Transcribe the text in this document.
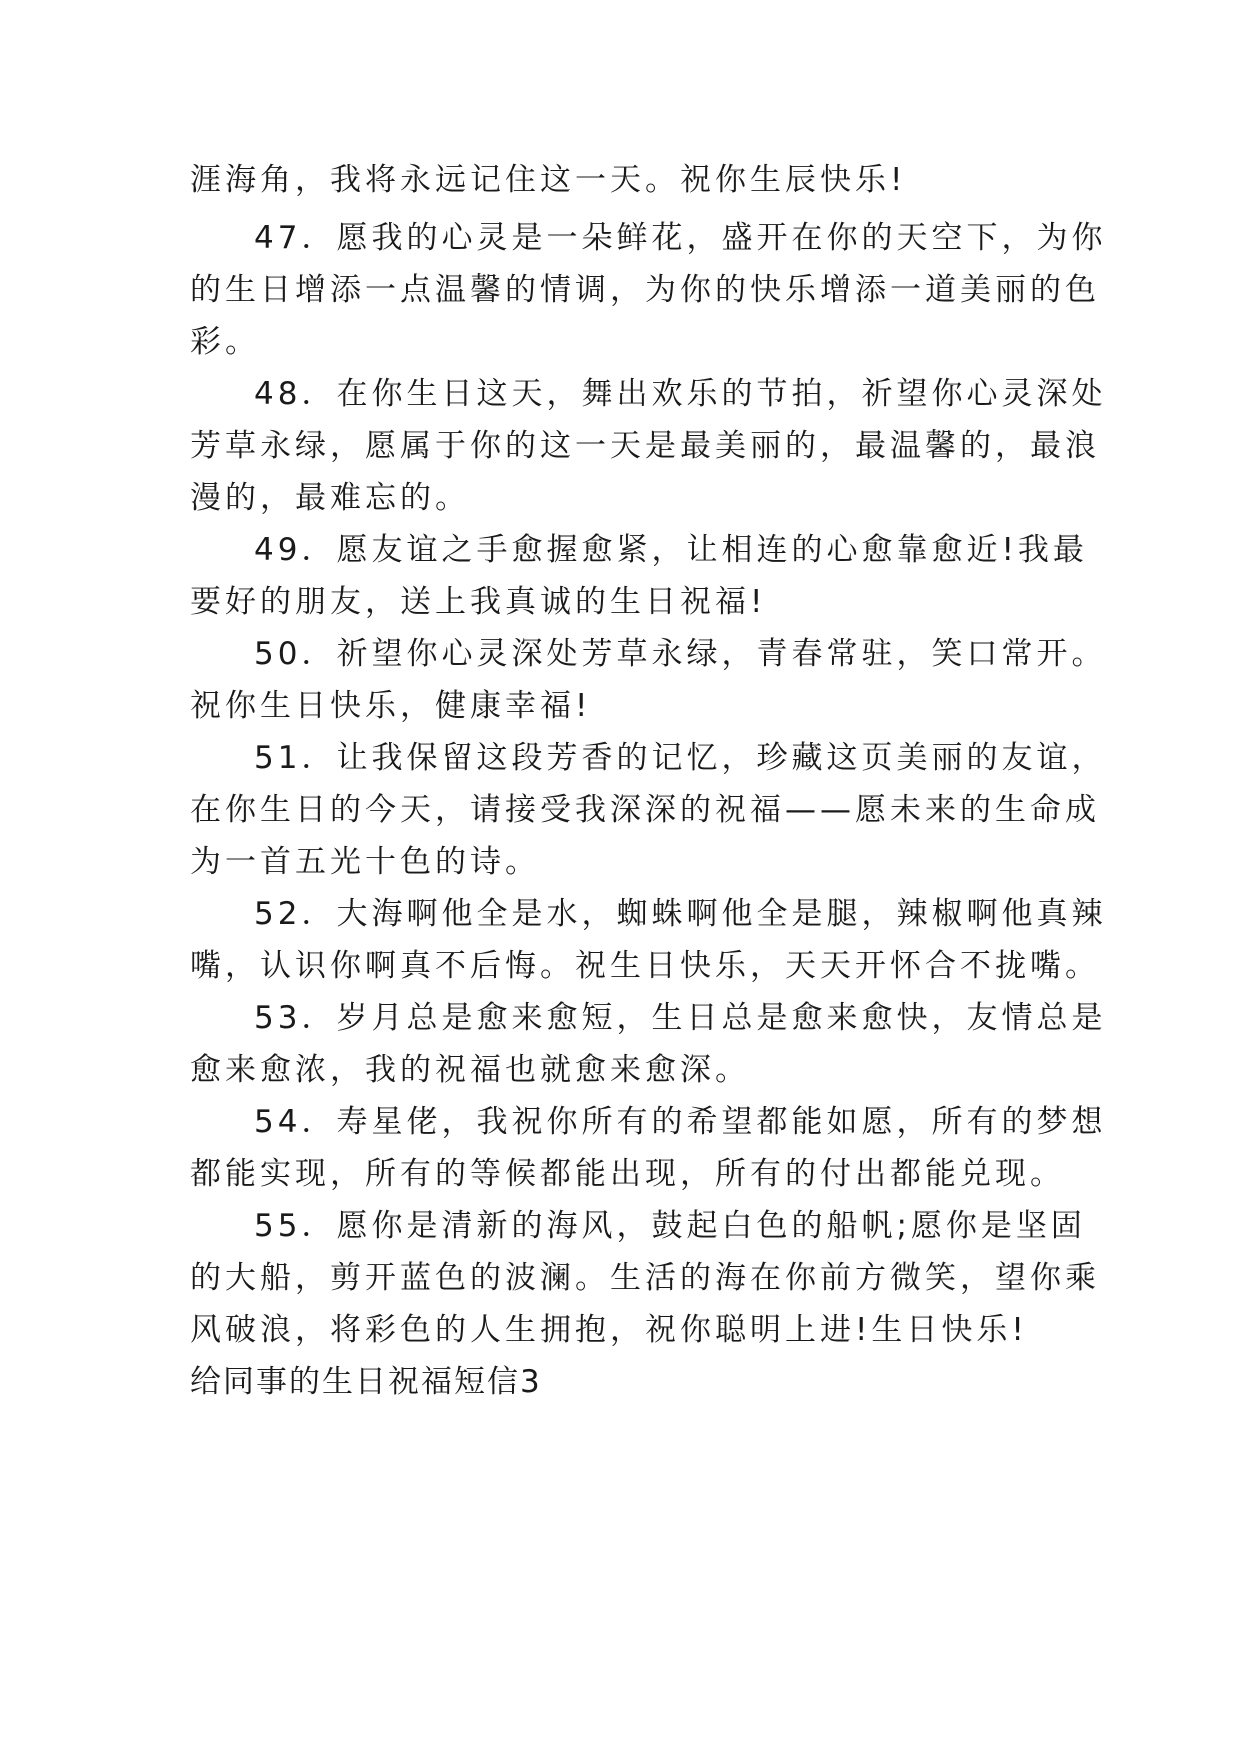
涯海角，我将永远记住这一天。祝你生辰快乐!
47．愿我的心灵是一朵鲜花，盛开在你的天空下，为你
的生日增添一点温馨的情调，为你的快乐增添一道美丽的色
彩。
48．在你生日这天，舞出欢乐的节拍，祈望你心灵深处
芳草永绿，愿属于你的这一天是最美丽的，最温馨的，最浪
漫的，最难忘的。
49．愿友谊之手愈握愈紧，让相连的心愈靠愈近!我最
要好的朋友，送上我真诚的生日祝福!
50．祈望你心灵深处芳草永绿，青春常驻，笑口常开。
祝你生日快乐，健康幸福!
51．让我保留这段芳香的记忆，珍藏这页美丽的友谊，
在你生日的今天，请接受我深深的祝福——愿未来的生命成
为一首五光十色的诗。
52．大海啊他全是水，蜘蛛啊他全是腿，辣椒啊他真辣
嘴，认识你啊真不后悔。祝生日快乐，天天开怀合不拢嘴。
53．岁月总是愈来愈短，生日总是愈来愈快，友情总是
愈来愈浓，我的祝福也就愈来愈深。
54．寿星佬，我祝你所有的希望都能如愿，所有的梦想
都能实现，所有的等候都能出现，所有的付出都能兑现。
55．愿你是清新的海风，鼓起白色的船帆;愿你是坚固
的大船，剪开蓝色的波澜。生活的海在你前方微笑，望你乘
风破浪，将彩色的人生拥抱，祝你聪明上进!生日快乐!
给同事的生日祝福短信3
